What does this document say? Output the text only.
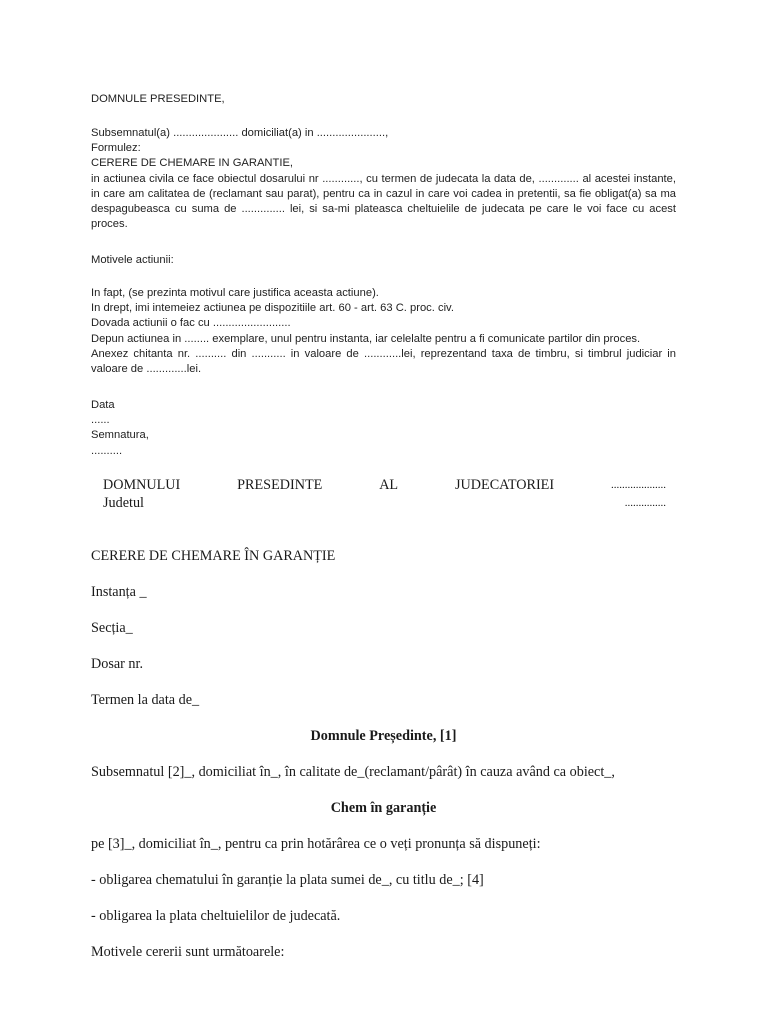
DOMNULE PRESEDINTE,
Subsemnatul(a) ..................... domiciliat(a) in ......................,
Formulez:
CERERE DE CHEMARE IN GARANTIE,
in actiunea civila ce face obiectul dosarului nr ............, cu termen de judecata la data de, ............. al acestei instante, in care am calitatea de (reclamant sau parat), pentru ca in cazul in care voi cadea in pretentii, sa fie obligat(a) sa ma despagubeasca cu suma de .............. lei, si sa-mi plateasca cheltuielile de judecata pe care le voi face cu acest proces.
Motivele actiunii:
In fapt, (se prezinta motivul care justifica aceasta actiune).
In drept, imi intemeiez actiunea pe dispozitiile art. 60 - art. 63 C. proc. civ.
Dovada actiunii o fac cu .........................
Depun actiunea in ........ exemplare, unul pentru instanta, iar celelalte pentru a fi comunicate partilor din proces.
Anexez chitanta nr. .......... din ........... in valoare de ............lei, reprezentand taxa de timbru, si timbrul judiciar in valoare de .............lei.
Data
......
Semnatura,
..........
DOMNULUI	PRESEDINTE	AL	JUDECATORIEI	....................
Judetul	...............
CERERE DE CHEMARE ÎN GARANȚIE
Instanța _
Secția_
Dosar nr.
Termen la data de_
Domnule Președinte, [1]
Subsemnatul [2]_, domiciliat în_, în calitate de_(reclamant/pârât) în cauza având ca obiect_,
Chem în garanție
pe [3]_, domiciliat în_, pentru ca prin hotărârea ce o veți pronunța să dispuneți:
- obligarea chematului în garanție la plata sumei de_, cu titlu de_; [4]
- obligarea la plata cheltuielilor de judecată.
Motivele cererii sunt următoarele:
